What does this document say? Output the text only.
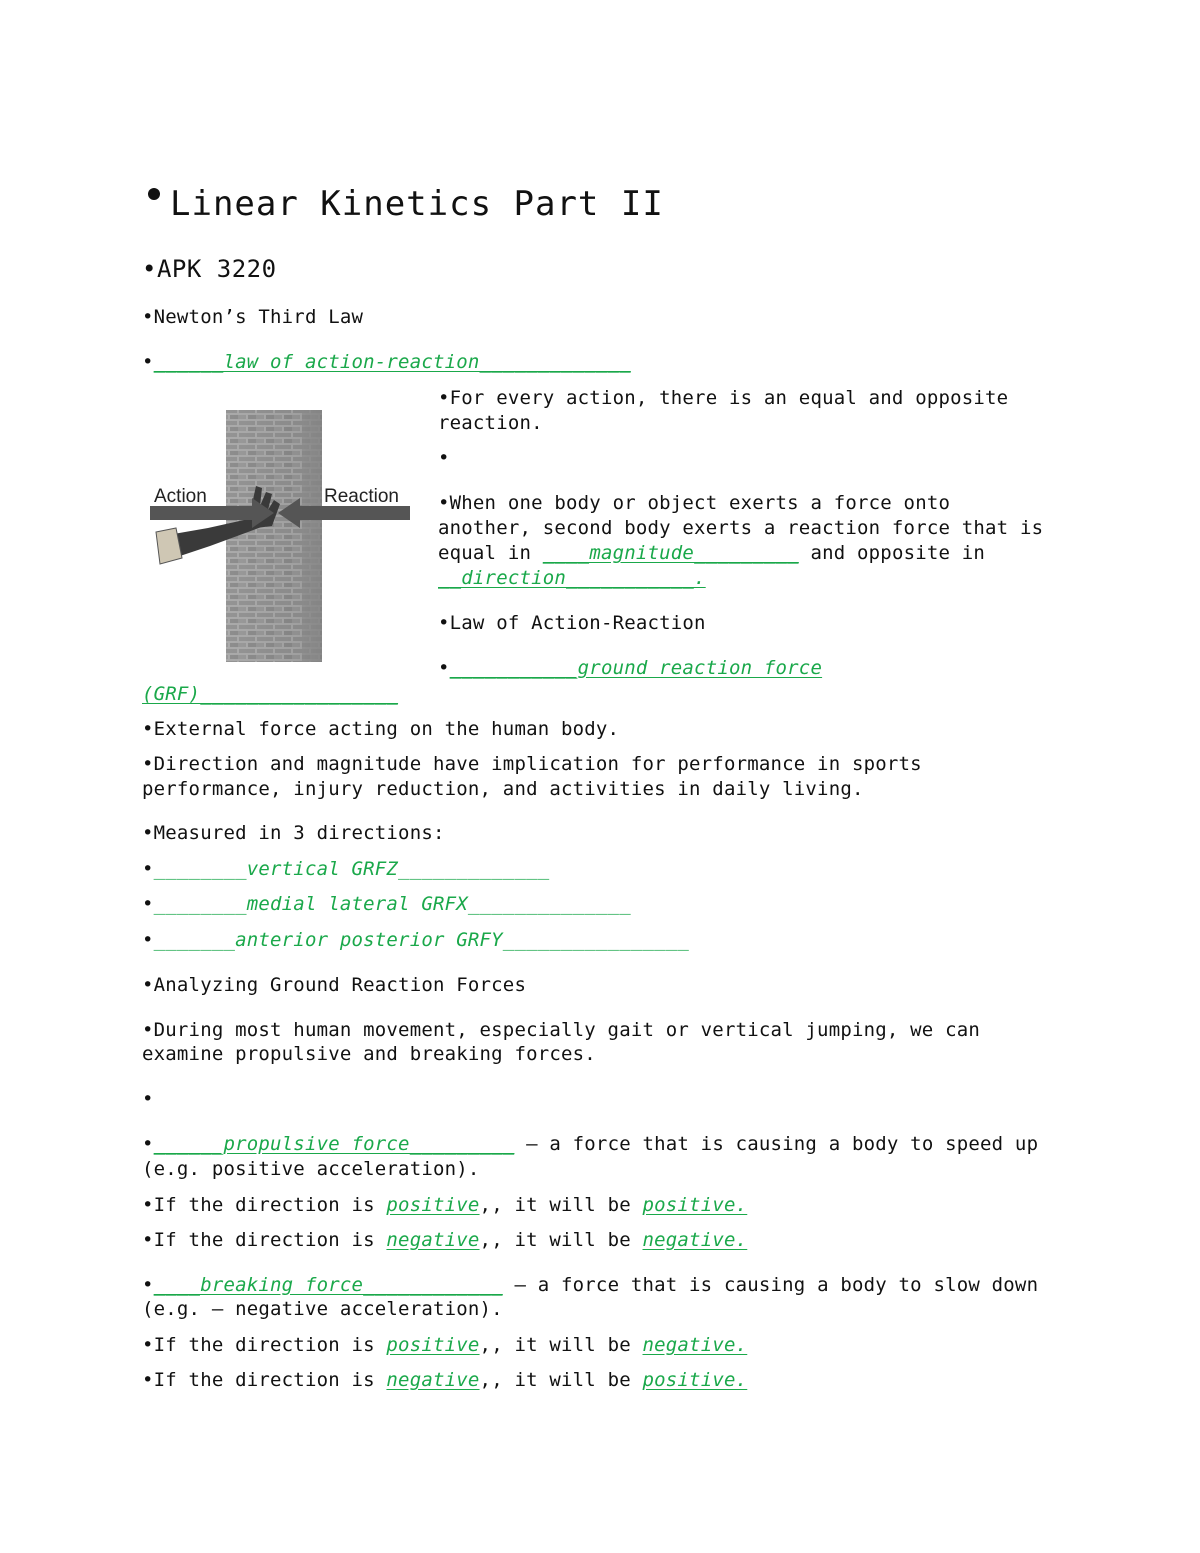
Linear Kinetics Part II
•APK 3220
•Newton’s Third Law
•______law of action-reaction_____________
Action	Reaction
•For every action, there is an equal and opposite
reaction.
•
•When one body or object exerts a force onto
another, second body exerts a reaction force that is
equal in ____magnitude_________ and opposite in
__direction___________.
•Law of Action-Reaction
•___________ground reaction force
(GRF)_________________
•External force acting on the human body.
•Direction and magnitude have implication for performance in sports
performance, injury reduction, and activities in daily living.
•Measured in 3 directions:
•________vertical GRFZ_____________
•________medial lateral GRFX______________
•_______anterior posterior GRFY________________
•Analyzing Ground Reaction Forces
•During most human movement, especially gait or vertical jumping, we can
examine propulsive and breaking forces.
•
•______propulsive force_________ – a force that is causing a body to speed up
(e.g. positive acceleration).
•If the direction is positive,, it will be positive.
•If the direction is negative,, it will be negative.
•____breaking force____________ – a force that is causing a body to slow down
(e.g. – negative acceleration).
•If the direction is positive,, it will be negative.
•If the direction is negative,, it will be positive.
